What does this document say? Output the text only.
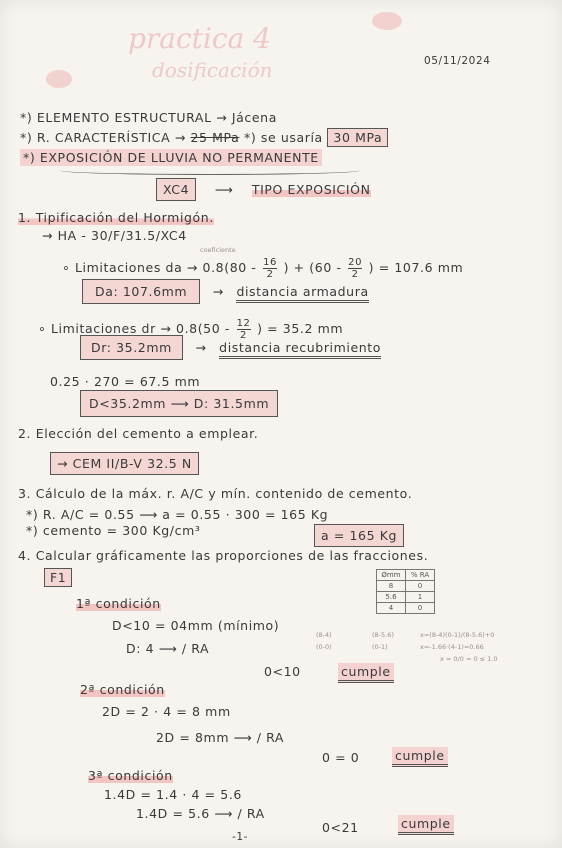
practica 4
dosificación	05/11/2024
*) ELEMENTO ESTRUCTURAL → Jácena
*) R. CARACTERÍSTICA → 25 MPa *) se usaría 30 MPa
*) EXPOSICIÓN DE LLUVIA NO PERMANENTE
XC4 ⟶ TIPO EXPOSICIÓN
1. Tipificación del Hormigón.
→ HA - 30/F/31.5/XC4
coeficiente
∘ Limitaciones da → $0.8(80 - \frac{16}{2}$ ) + ($60 - \frac{20}{2}$ ) = 107.6 mm
Da: 107.6mm → distancia armadura
∘ Limitaciones dr → $0.8(50 - \frac{12}{2}$ ) = 35.2 mm
Dr: 35.2mm → distancia recubrimiento
0.25 · 270 = 67.5 mm
D<35.2mm ⟶ D: 31.5mm
2. Elección del cemento a emplear.
→ CEM II/B-V 32.5 N
3. Cálculo de la máx. r. A/C y mín. contenido de cemento.
*) R. A/C = 0.55 ⟶ a = 0.55 · 300 = 165 Kg
*) cemento = 300 Kg/cm³	a = 165 Kg
4. Calcular gráficamente las proporciones de las fracciones.
F1	Ømm	% RA
8	0
5.6	1
4	0
1ª condición
D<10 = 04mm (mínimo)
D: 4 ⟶ / RA
0<10	cumple
(8-4)
(0-0)
(8-5.6)
(0-1)
x=(8-4)(0-1)/(8-5.6)+0
x=-1.66·(4-1)=0.66
x = 0/0 = 0 ≤ 1.0
2ª condición
2D = 2 · 4 = 8 mm
2D = 8mm ⟶ / RA
0 = 0	cumple
3ª condición
1.4D = 1.4 · 4 = 5.6
1.4D = 5.6 ⟶ / RA
0<21	cumple
-1-
